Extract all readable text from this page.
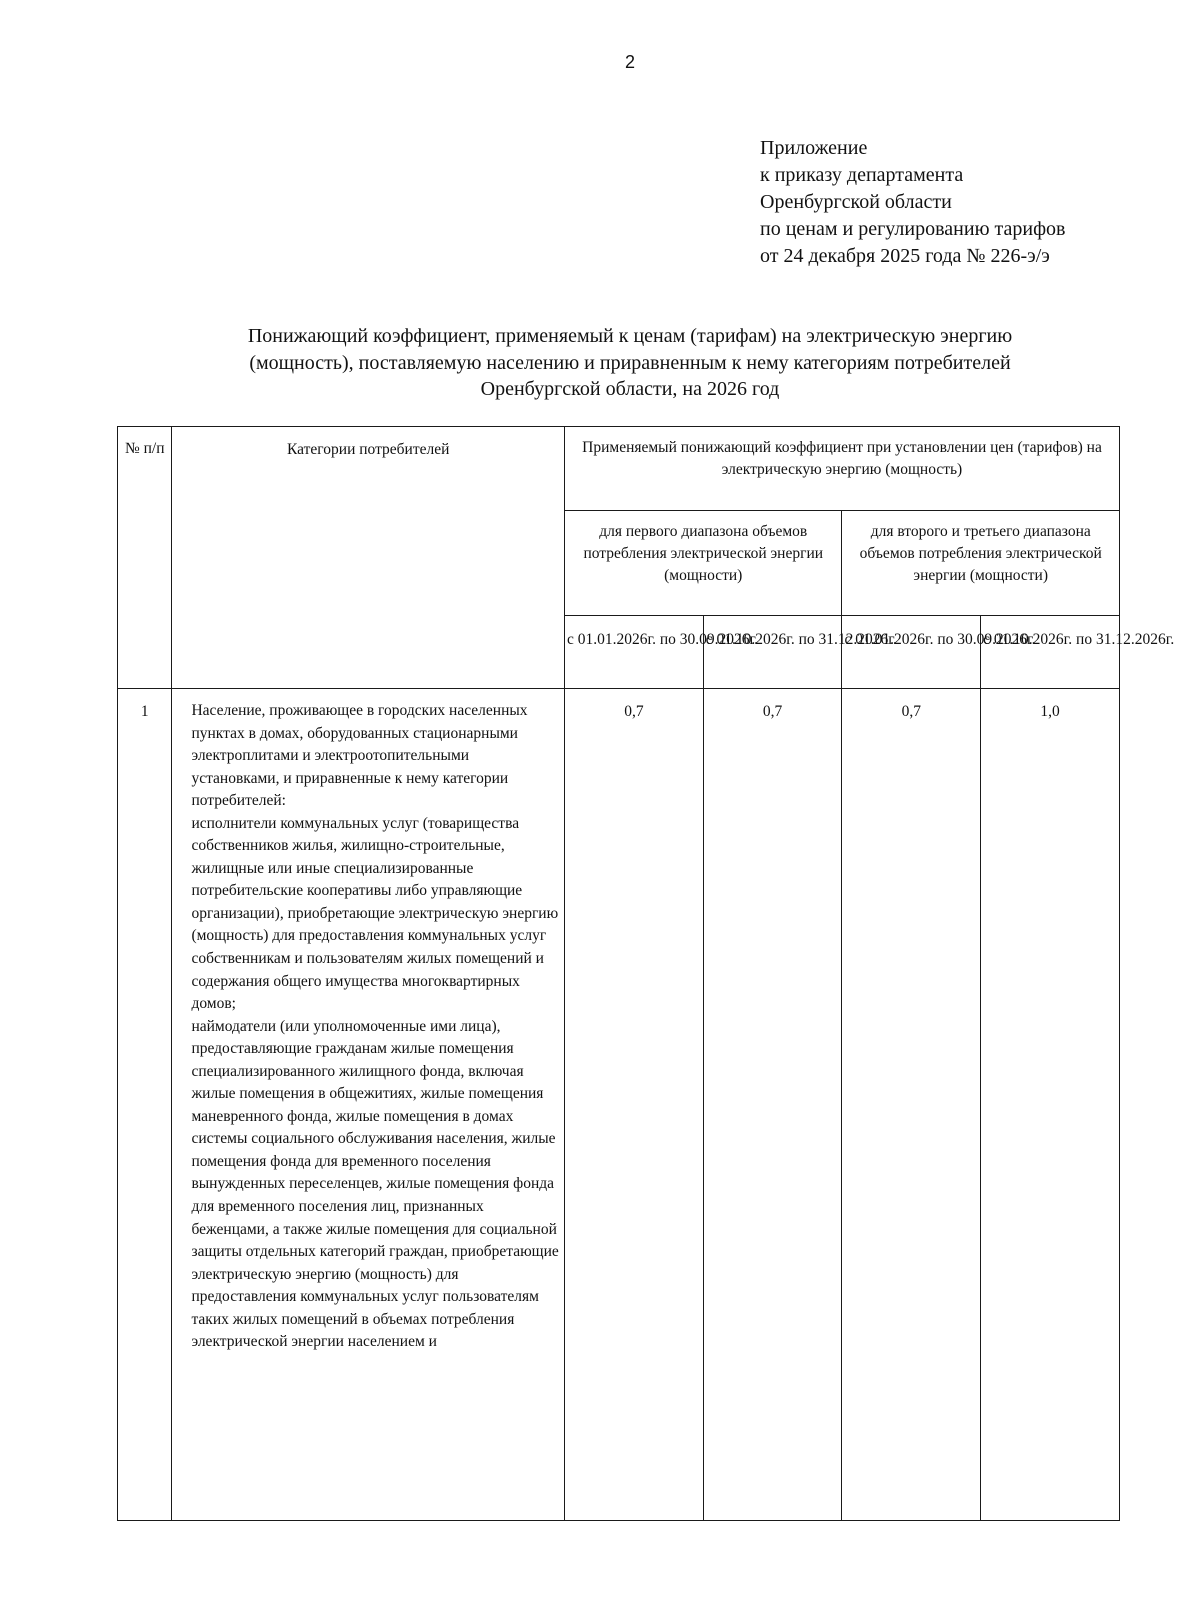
2
Приложение
к приказу департамента
Оренбургской области
по ценам и регулированию тарифов
от 24 декабря 2025 года № 226-э/э
Понижающий коэффициент, применяемый к ценам (тарифам) на электрическую энергию
(мощность), поставляемую населению и приравненным к нему категориям потребителей
Оренбургской области, на 2026 год
№ п/п	Категории потребителей	Применяемый понижающий коэффициент при установлении цен (тарифов) на электрическую энергию (мощность)			
		для первого диапазона объемов потребления электрической энергии (мощности)		для второго и третьего диапазона объемов потребления электрической энергии (мощности)	
		с 01.01.2026г. по 30.09.2026г.	с 01.10.2026г. по 31.12.2026г.	с 01.01.2026г. по 30.09.2026г.	с 01.10.2026г. по 31.12.2026г.
1	Население, проживающее в городских населенных пунктах в домах, оборудованных стационарными электроплитами и электроотопительными установками, и приравненные к нему категории потребителей:
исполнители коммунальных услуг (товарищества собственников жилья, жилищно-строительные, жилищные или иные специализированные потребительские кооперативы либо управляющие организации), приобретающие электрическую энергию (мощность) для предоставления коммунальных услуг собственникам и пользователям жилых помещений и содержания общего имущества многоквартирных домов;
наймодатели (или уполномоченные ими лица), предоставляющие гражданам жилые помещения специализированного жилищного фонда, включая жилые помещения в общежитиях, жилые помещения маневренного фонда, жилые помещения в домах системы социального обслуживания населения, жилые помещения фонда для временного поселения вынужденных переселенцев, жилые помещения фонда для временного поселения лиц, признанных беженцами, а также жилые помещения для социальной защиты отдельных категорий граждан, приобретающие электрическую энергию (мощность) для предоставления коммунальных услуг пользователям таких жилых помещений в объемах потребления электрической энергии населением и	0,7	0,7	0,7	1,0
